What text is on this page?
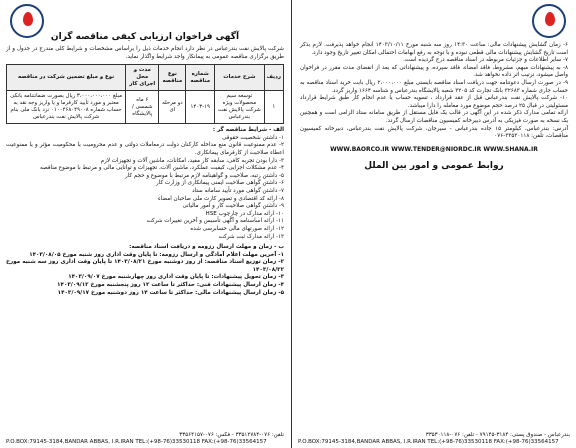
۶- زمان گشایش پیشنهادات مالی: ساعت ۱۴:۳۰ روز سه شنبه مورخ ۱۴۰۳/۱۰/۱۱ انجام خواهد پذیرفت. لازم بذکر است تاریخ گشایش پیشنهادات مالی قطعی نبوده و با توجه به رفع ابهامات احتمالی امکان تغییر تاریخ وجود دارد.

۷- سایر اطلاعات و جزئیات مربوطه در اسناد مناقصه درج گردیده است.

۸- به پیشنهادات مبهم، مشروط، فاقد امضاء، فاقد سپرده، و پیشنهاداتی که بعد از انقضای مدت مقرر در فراخوان واصل میشود، ترتیب اثر داده نخواهد شد.

۹- در صورت ارسال دعوتنامه جهت دریافت اسناد مناقصه بایستی مبلغ ۲،۰۰۰،۰۰۰ ریال بابت خرید اسناد مناقصه به حساب جاری شماره ۳۲۶۸۳ بانک تجارت کد ۳۲۰۵ شعبه پالایشگاه بندرعباس و شناسه ۱۶۶۴ واریز گردد.

۱۰- شرکت پالایش نفت بندرعباس قبل از عقد قرارداد ، تسویه حساب یا عدم انجام کار طبق شرایط قرارداد مسئولیتی در قبال ۲۵ درصد حجم موضوع مورد معامله را دارا میباشد.

ارائه تمامی مدارک ذکر شده در این آگهی در قالب یک فایل مستقل از طریق سامانه ستاد الزامی است و همچنین یک نسخه به صورت فیزیکی به آدرس دبیرخانه کمیسیون مناقصات ارسال گردد.

آدرس: بندرعباس، کیلومتر ۱۵ جاده بندرعباس - سیرجان، شرکت پالایش نفت بندرعباس، دبیرخانه کمیسیون مناقصات، تلفن: ۳۳۵۳۰۱۱۸-۰۷۶

WWW.BAORCO.IR WWW.TENDER@NIORDC.IR WWW.SHANA.IR
روابط عمومی و امور بین الملل
بندرعباس - صندوق پستی: ۳۱۸۴-۷۹۱۴۵ - تلفن: ۰۷۶-۳۳۵۳۰۱۱۸
P.O.BOX:79145-3184,BANDAR ABBAS, I.R.IRAN TEL:(+98-76)33530118 FAX:(+98-76)33564157
آگهی فراخوان ارزیابی کیفی مناقصه گران

شرکت پالایش نفت بندرعباس در نظر دارد انجام خدمات ذیل را براساس مشخصات و شرایط کلی مندرج در جدول و از طریق برگزاری مناقصه عمومی به پیمانکار واجد شرایط واگذار نماید.

ردیف	شرح خدمات	شماره مناقصه	نوع مناقصه	مدت و محل اجرای کار	نوع و مبلغ تضمین شرکت در مناقصه
۱	توسعه سیم محصولات ویژه شرکت پالایش نفت بندرعباس	۱۴۰۳-۱۹	دو مرحله ای	۶ ماه شمسی / پالایشگاه	مبلغ ۳،۰۰۰،۰۰۰،۰۰۰ ریال بصورت ضمانتنامه بانکی معتبر و مورد تأیید کارفرما و یا واریز وجه نقد به حساب شماره ۰۱۰۰۴۶۸۰۴۹۰۰۸ نزد بانک ملی بنام شرکت پالایش نفت بندرعباس

الف - شرایط مناقصه گر :

۱- داشتن شخصیت حقوقی

۲- عدم ممنوعیت قانون منع مداخله کارکنان دولت درمعاملات دولتی و عدم محرومیت یا محکومیت مؤثر و یا ممنوعیت اعطاء صلاحیت از کارفرمای پیمانکاری.

۳- دارا بودن تجربه کافی، سابقه کار مفید، امکانات، ماشین آلات و تجهیزات لازم

۴- عدم مشکلات اجرایی، کیفیت عملکرد، ماشین آلات، تجهیزات و توانایی مالی و مرتبط با موضوع مناقصه

۵- داشتن رتبه، صلاحیت و گواهینامه لازم مرتبط با موضوع و حجم کار

۶- داشتن گواهی صلاحیت ایمنی پیمانکاری از وزارت کار

۷- داشتن گواهی مورد تأیید سامانه ستاد

۸- ارائه کد اقتصادی و تصویر کارت ملی صاحبان امضاء

۹- داشتن گواهی صلاحیت کار و امور مالیاتی

۱۰- ارائه مدارک در چارچوب HSE

۱۱- ارائه اساسنامه و آگهی تأسیس و آخرین تغییرات شرکت

۱۲- ارائه صورتهای مالی حسابرسی شده

۱۳- ارائه مدارک ثبت شرکت

ب - زمان و مهلت ارسال رزومه و دریافت اسناد مناقصه:

۱- آخرین مهلت اعلام آمادگی و ارسال رزومه: تا پایان وقت اداری روز شنبه مورخ ۱۴۰۳/۰۸/۰۵

۲- زمان توزیع اسناد مناقصه: از روز دوشنبه مورخ ۱۴۰۳/۰۸/۲۱ تا پایان وقت اداری روز سه شنبه مورخ ۱۴۰۳/۰۸/۲۲

۳- زمان تحویل پیشنهادات: تا پایان وقت اداری روز چهارشنبه مورخ ۱۴۰۳/۰۹/۰۷

۴- زمان ارسال پیشنهادات فنی: حداکثر تا ساعت ۱۲ روز پنجشنبه مورخ ۱۴۰۳/۰۹/۱۲

۵- زمان ارسال پیشنهادات مالی: حداکثر تا ساعت ۱۴ روز دوشنبه مورخ ۱۴۰۳/۰۹/۱۷

تلفن: ۰۷۶-۳۳۵۱۲۷۸۴ - فکس: ۰۷۶-۳۳۵۶۴۱۵۷
P.O.BOX:79145-3184,BANDAR ABBAS, I.R.IRAN TEL:(+98-76)33530118 FAX:(+98-76)33564157
